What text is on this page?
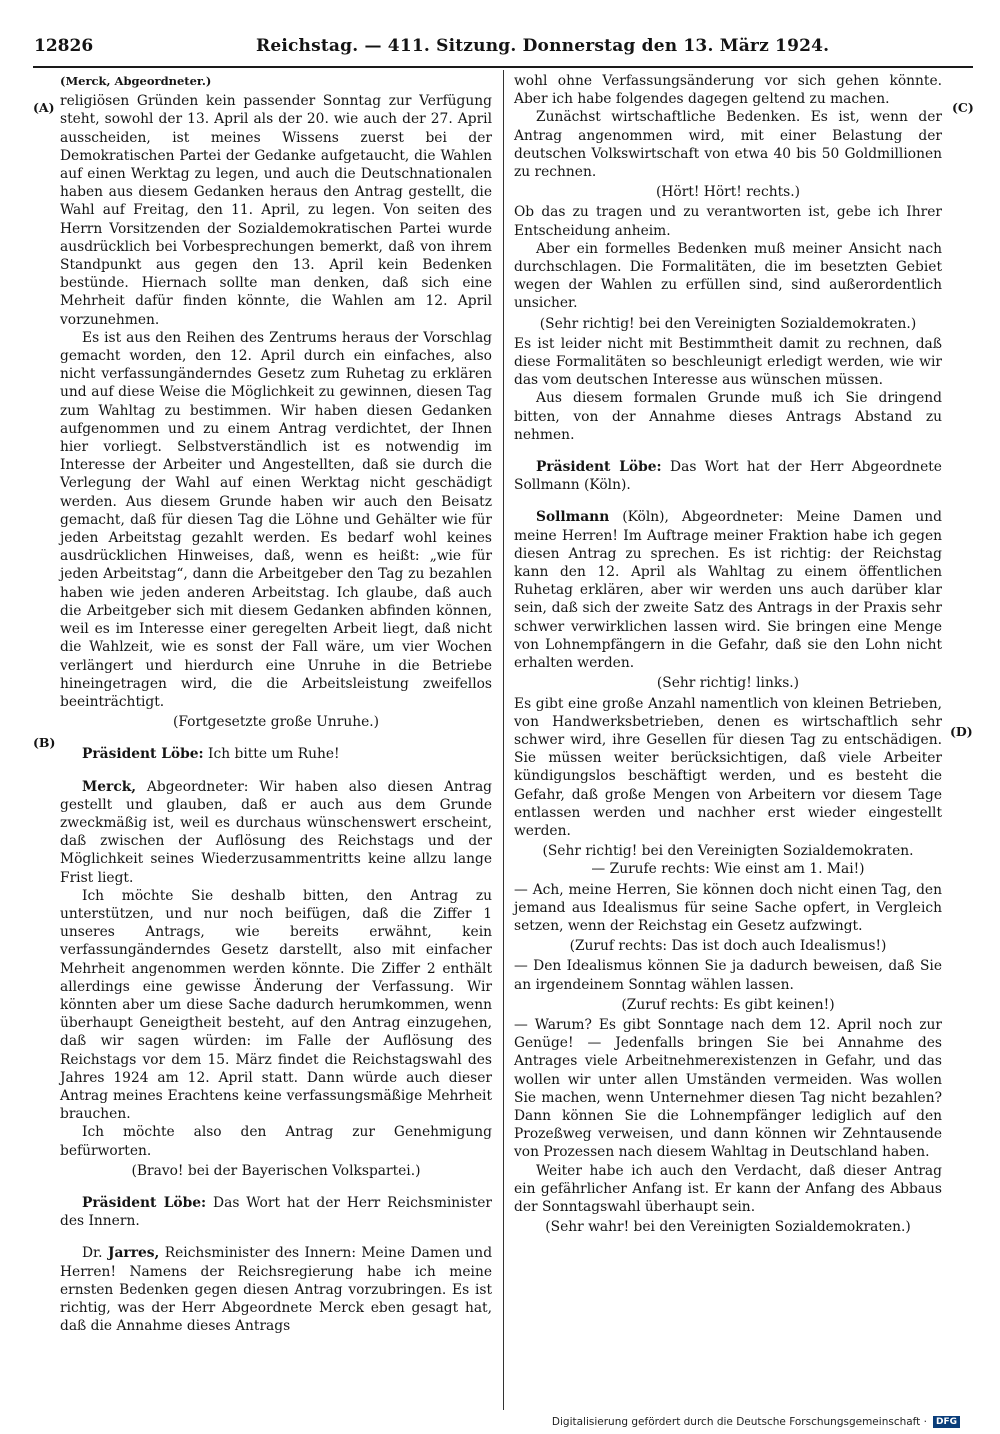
12826	Reichstag. — 411. Sitzung. Donnerstag den 13. März 1924.
(A)
(B)
(C)
(D)
(Merck, Abgeordneter.)

religiösen Gründen kein passender Sonntag zur Verfügung steht, sowohl der 13. April als der 20. wie auch der 27. April ausscheiden, ist meines Wissens zuerst bei der Demokratischen Partei der Gedanke aufgetaucht, die Wahlen auf einen Werktag zu legen, und auch die Deutschnationalen haben aus diesem Gedanken heraus den Antrag gestellt, die Wahl auf Freitag, den 11. April, zu legen. Von seiten des Herrn Vorsitzenden der Sozialdemokratischen Partei wurde ausdrücklich bei Vorbesprechungen bemerkt, daß von ihrem Standpunkt aus gegen den 13. April kein Bedenken bestünde. Hiernach sollte man denken, daß sich eine Mehrheit dafür finden könnte, die Wahlen am 12. April vorzunehmen.

Es ist aus den Reihen des Zentrums heraus der Vorschlag gemacht worden, den 12. April durch ein einfaches, also nicht verfassungänderndes Gesetz zum Ruhetag zu erklären und auf diese Weise die Möglichkeit zu gewinnen, diesen Tag zum Wahltag zu bestimmen. Wir haben diesen Gedanken aufgenommen und zu einem Antrag verdichtet, der Ihnen hier vorliegt. Selbstverständlich ist es notwendig im Interesse der Arbeiter und Angestellten, daß sie durch die Verlegung der Wahl auf einen Werktag nicht geschädigt werden. Aus diesem Grunde haben wir auch den Beisatz gemacht, daß für diesen Tag die Löhne und Gehälter wie für jeden Arbeitstag gezahlt werden. Es bedarf wohl keines ausdrücklichen Hinweises, daß, wenn es heißt: „wie für jeden Arbeitstag“, dann die Arbeitgeber den Tag zu bezahlen haben wie jeden anderen Arbeitstag. Ich glaube, daß auch die Arbeitgeber sich mit diesem Gedanken abfinden können, weil es im Interesse einer geregelten Arbeit liegt, daß nicht die Wahlzeit, wie es sonst der Fall wäre, um vier Wochen verlängert und hierdurch eine Unruhe in die Betriebe hineingetragen wird, die die Arbeitsleistung zweifellos beeinträchtigt.

(Fortgesetzte große Unruhe.)

Präsident Löbe: Ich bitte um Ruhe!

Merck, Abgeordneter: Wir haben also diesen Antrag gestellt und glauben, daß er auch aus dem Grunde zweckmäßig ist, weil es durchaus wünschenswert erscheint, daß zwischen der Auflösung des Reichstags und der Möglichkeit seines Wiederzusammentritts keine allzu lange Frist liegt.

Ich möchte Sie deshalb bitten, den Antrag zu unterstützen, und nur noch beifügen, daß die Ziffer 1 unseres Antrags, wie bereits erwähnt, kein verfassungänderndes Gesetz darstellt, also mit einfacher Mehrheit angenommen werden könnte. Die Ziffer 2 enthält allerdings eine gewisse Änderung der Verfassung. Wir könnten aber um diese Sache dadurch herumkommen, wenn überhaupt Geneigtheit besteht, auf den Antrag einzugehen, daß wir sagen würden: im Falle der Auflösung des Reichstags vor dem 15. März findet die Reichstagswahl des Jahres 1924 am 12. April statt. Dann würde auch dieser Antrag meines Erachtens keine verfassungsmäßige Mehrheit brauchen.

Ich möchte also den Antrag zur Genehmigung befürworten.

(Bravo! bei der Bayerischen Volkspartei.)

Präsident Löbe: Das Wort hat der Herr Reichsminister des Innern.

Dr. Jarres, Reichsminister des Innern: Meine Damen und Herren! Namens der Reichsregierung habe ich meine ernsten Bedenken gegen diesen Antrag vorzubringen. Es ist richtig, was der Herr Abgeordnete Merck eben gesagt hat, daß die Annahme dieses Antrags

wohl ohne Verfassungsänderung vor sich gehen könnte. Aber ich habe folgendes dagegen geltend zu machen.

Zunächst wirtschaftliche Bedenken. Es ist, wenn der Antrag angenommen wird, mit einer Belastung der deutschen Volkswirtschaft von etwa 40 bis 50 Goldmillionen zu rechnen.

(Hört! Hört! rechts.)

Ob das zu tragen und zu verantworten ist, gebe ich Ihrer Entscheidung anheim.

Aber ein formelles Bedenken muß meiner Ansicht nach durchschlagen. Die Formalitäten, die im besetzten Gebiet wegen der Wahlen zu erfüllen sind, sind außerordentlich unsicher.

(Sehr richtig! bei den Vereinigten Sozialdemokraten.)

Es ist leider nicht mit Bestimmtheit damit zu rechnen, daß diese Formalitäten so beschleunigt erledigt werden, wie wir das vom deutschen Interesse aus wünschen müssen.

Aus diesem formalen Grunde muß ich Sie dringend bitten, von der Annahme dieses Antrags Abstand zu nehmen.

Präsident Löbe: Das Wort hat der Herr Abgeordnete Sollmann (Köln).

Sollmann (Köln), Abgeordneter: Meine Damen und meine Herren! Im Auftrage meiner Fraktion habe ich gegen diesen Antrag zu sprechen. Es ist richtig: der Reichstag kann den 12. April als Wahltag zu einem öffentlichen Ruhetag erklären, aber wir werden uns auch darüber klar sein, daß sich der zweite Satz des Antrags in der Praxis sehr schwer verwirklichen lassen wird. Sie bringen eine Menge von Lohnempfängern in die Gefahr, daß sie den Lohn nicht erhalten werden.

(Sehr richtig! links.)

Es gibt eine große Anzahl namentlich von kleinen Betrieben, von Handwerksbetrieben, denen es wirtschaftlich sehr schwer wird, ihre Gesellen für diesen Tag zu entschädigen. Sie müssen weiter berücksichtigen, daß viele Arbeiter kündigungslos beschäftigt werden, und es besteht die Gefahr, daß große Mengen von Arbeitern vor diesem Tage entlassen werden und nachher erst wieder eingestellt werden.

(Sehr richtig! bei den Vereinigten Sozialdemokraten. — Zurufe rechts: Wie einst am 1. Mai!)

— Ach, meine Herren, Sie können doch nicht einen Tag, den jemand aus Idealismus für seine Sache opfert, in Vergleich setzen, wenn der Reichstag ein Gesetz aufzwingt.

(Zuruf rechts: Das ist doch auch Idealismus!)

— Den Idealismus können Sie ja dadurch beweisen, daß Sie an irgendeinem Sonntag wählen lassen.

(Zuruf rechts: Es gibt keinen!)

— Warum? Es gibt Sonntage nach dem 12. April noch zur Genüge! — Jedenfalls bringen Sie bei Annahme des Antrages viele Arbeitnehmerexistenzen in Gefahr, und das wollen wir unter allen Umständen vermeiden. Was wollen Sie machen, wenn Unternehmer diesen Tag nicht bezahlen? Dann können Sie die Lohnempfänger lediglich auf den Prozeßweg verweisen, und dann können wir Zehntausende von Prozessen nach diesem Wahltag in Deutschland haben.

Weiter habe ich auch den Verdacht, daß dieser Antrag ein gefährlicher Anfang ist. Er kann der Anfang des Abbaus der Sonntagswahl überhaupt sein.

(Sehr wahr! bei den Vereinigten Sozialdemokraten.)

Digitalisierung gefördert durch die Deutsche Forschungsgemeinschaft ·	DFG
